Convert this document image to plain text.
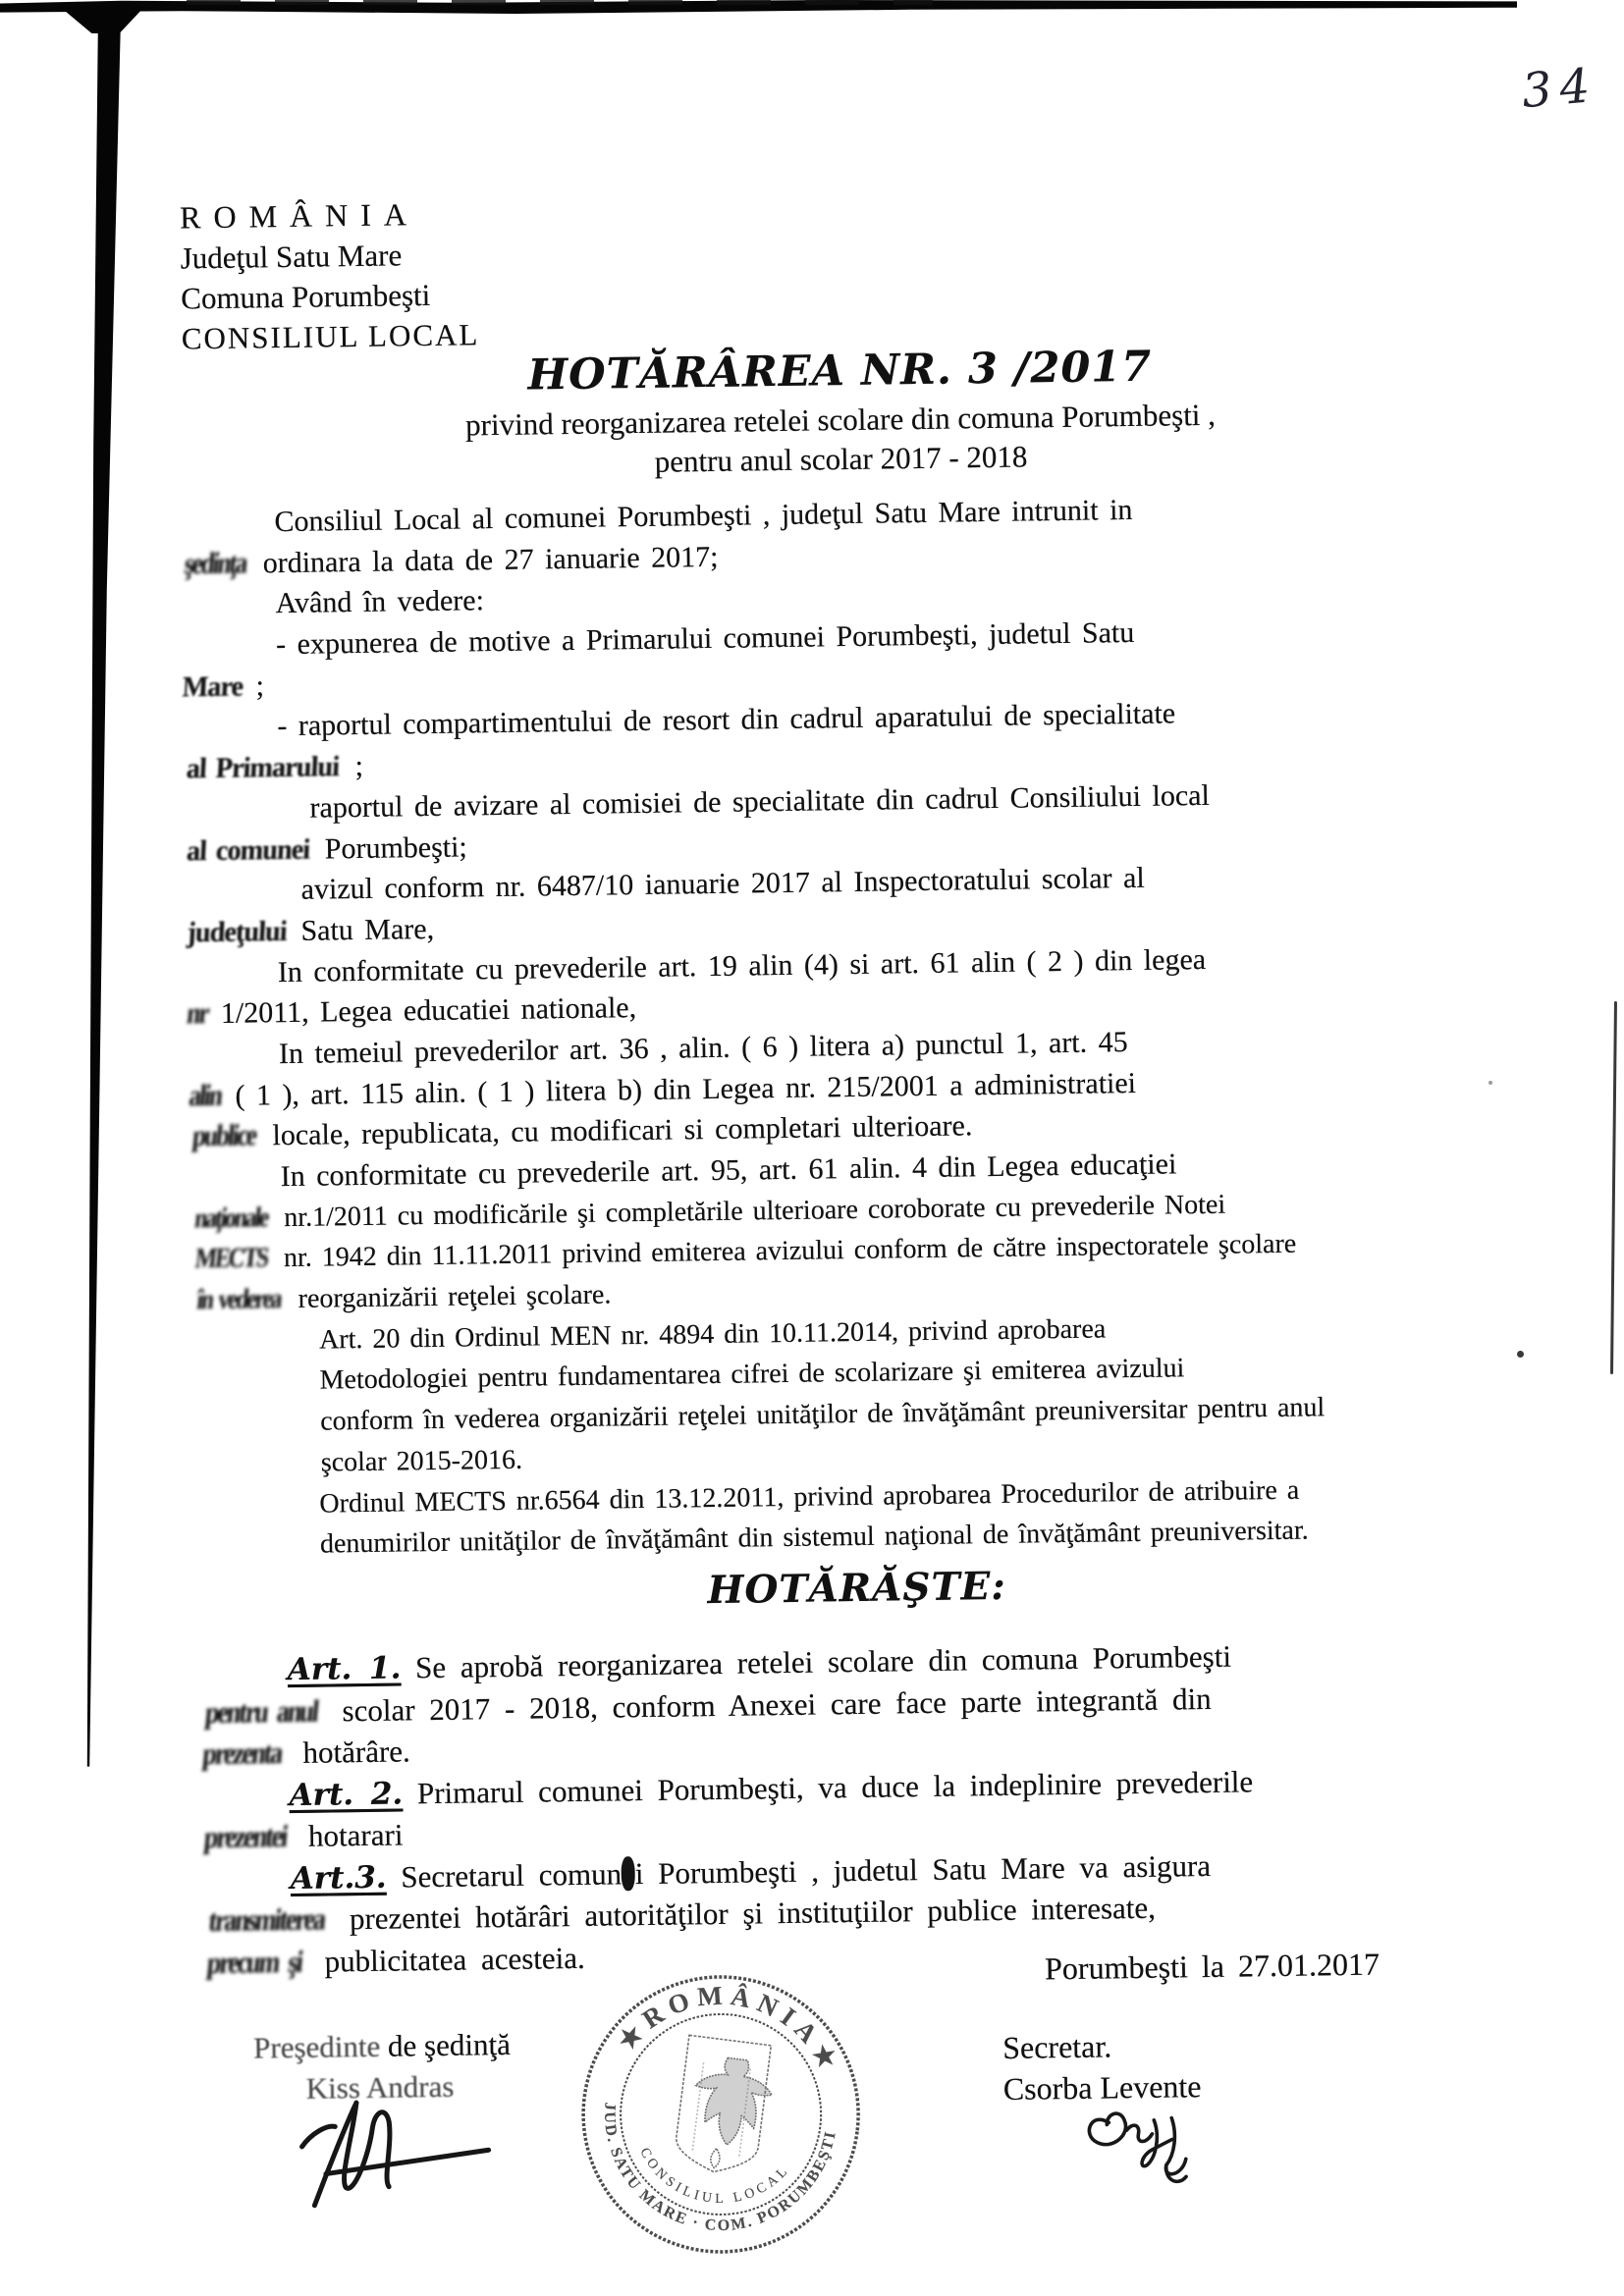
34
ROMÂNIA
Judeţul Satu Mare
Comuna Porumbeşti
CONSILIUL LOCAL
HOTĂRÂREA NR. 3 /2017
privind reorganizarea retelei scolare din comuna Porumbeşti ,
pentru anul scolar 2017 - 2018
Consiliul Local al comunei Porumbeşti , judeţul Satu Mare intrunit in
şedinţa ordinara la data de 27 ianuarie 2017;
Având în vedere:
- expunerea de motive a Primarului comunei Porumbeşti, judetul Satu
Mare ;
- raportul compartimentului de resort din cadrul aparatului de specialitate
al Primarului ;
raportul de avizare al comisiei de specialitate din cadrul Consiliului local
al comunei Porumbeşti;
avizul conform nr. 6487/10 ianuarie 2017 al Inspectoratului scolar al
judeţului Satu Mare,
In conformitate cu prevederile art. 19 alin (4) si art. 61 alin ( 2 ) din legea
nr 1/2011, Legea educatiei nationale,
In temeiul prevederilor art. 36 , alin. ( 6 ) litera a) punctul 1, art. 45
alin ( 1 ), art. 115 alin. ( 1 ) litera b) din Legea nr. 215/2001 a administratiei
publice locale, republicata, cu modificari si completari ulterioare.
In conformitate cu prevederile art. 95, art. 61 alin. 4 din Legea educaţiei
naţionale nr.1/2011 cu modificările şi completările ulterioare coroborate cu prevederile Notei
MECTS nr. 1942 din 11.11.2011 privind emiterea avizului conform de către inspectoratele şcolare
în vederea reorganizării reţelei şcolare.
Art. 20 din Ordinul MEN nr. 4894 din 10.11.2014, privind aprobarea
Metodologiei pentru fundamentarea cifrei de scolarizare şi emiterea avizului
conform în vederea organizării reţelei unităţilor de învăţământ preuniversitar pentru anul
şcolar 2015-2016.
Ordinul MECTS nr.6564 din 13.12.2011, privind aprobarea Procedurilor de atribuire a
denumirilor unităţilor de învăţământ din sistemul naţional de învăţământ preuniversitar.
HOTĂRĂŞTE:
Art. 1. Se aprobă reorganizarea retelei scolare din comuna Porumbeşti
pentru anul scolar 2017 - 2018, conform Anexei care face parte integrantă din
prezenta hotărâre.
Art. 2. Primarul comunei Porumbeşti, va duce la indeplinire prevederile
prezentei hotarari
Art.3. Secretarul comunei Porumbeşti , judetul Satu Mare va asigura
transmiterea prezentei hotărâri autorităţilor şi instituţiilor publice interesate,
precum şi publicitatea acesteia.	Porumbeşti la 27.01.2017
Preşedinte de şedinţă
Kiss Andras
Secretar.
Csorba Levente
★ROMÂNIA★
JUD. SATU MARE · COM. PORUMBEŞTI
CONSILIUL LOCAL
